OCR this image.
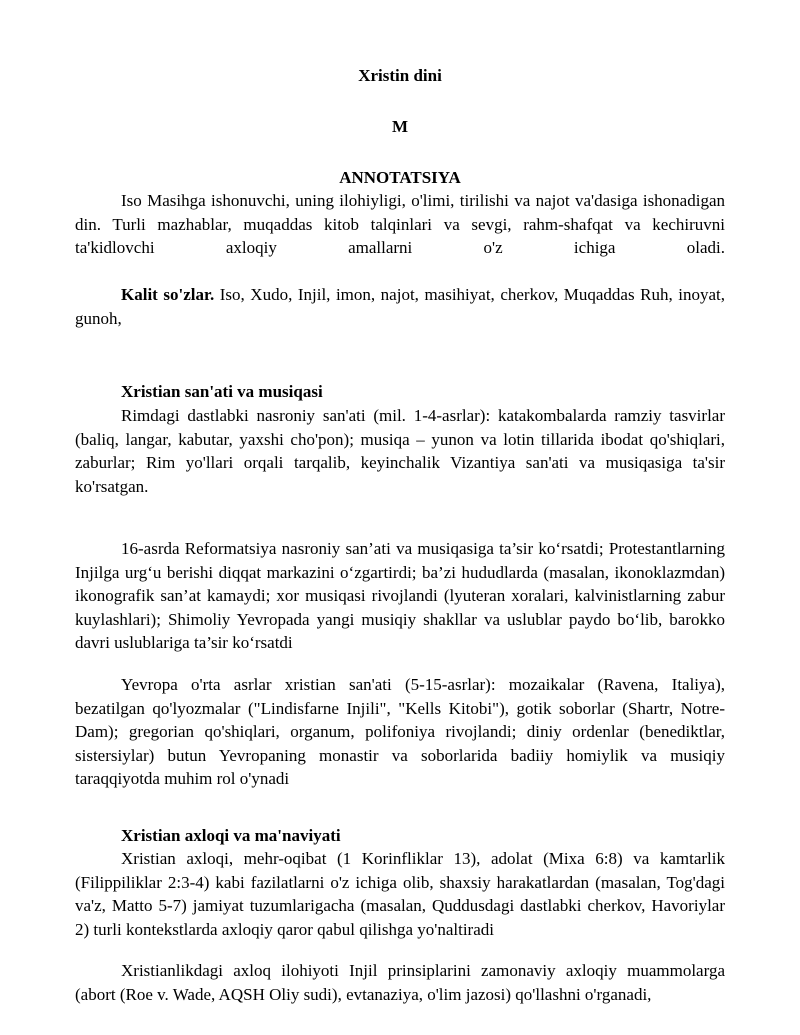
Xristin dini
M
ANNOTATSIYA
Iso Masihga ishonuvchi, uning ilohiyligi, o'limi, tirilishi va najot va'dasiga ishonadigan din. Turli mazhablar, muqaddas kitob talqinlari va sevgi, rahm-shafqat va kechiruvni ta'kidlovchi axloqiy amallarni o'z ichiga oladi.
Kalit so'zlar. Iso, Xudo, Injil, imon, najot, masihiyat, cherkov, Muqaddas Ruh, inoyat, gunoh,
Xristian san'ati va musiqasi
Rimdagi dastlabki nasroniy san'ati (mil. 1-4-asrlar): katakombalarda ramziy tasvirlar (baliq, langar, kabutar, yaxshi cho'pon); musiqa – yunon va lotin tillarida ibodat qo'shiqlari, zaburlar; Rim yo'llari orqali tarqalib, keyinchalik Vizantiya san'ati va musiqasiga ta'sir ko'rsatgan.
16-asrda Reformatsiya nasroniy san’ati va musiqasiga ta’sir ko‘rsatdi; Protestantlarning Injilga urg‘u berishi diqqat markazini o‘zgartirdi; ba’zi hududlarda (masalan, ikonoklazmdan) ikonografik san’at kamaydi; xor musiqasi rivojlandi (lyuteran xoralari, kalvinistlarning zabur kuylashlari); Shimoliy Yevropada yangi musiqiy shakllar va uslublar paydo bo‘lib, barokko davri uslublariga ta’sir ko‘rsatdi
Yevropa o'rta asrlar xristian san'ati (5-15-asrlar): mozaikalar (Ravena, Italiya), bezatilgan qo'lyozmalar ("Lindisfarne Injili", "Kells Kitobi"), gotik soborlar (Shartr, Notre-Dam); gregorian qo'shiqlari, organum, polifoniya rivojlandi; diniy ordenlar (benediktlar, sistersiylar) butun Yevropaning monastir va soborlarida badiiy homiylik va musiqiy taraqqiyotda muhim rol o'ynadi
Xristian axloqi va ma'naviyati
Xristian axloqi, mehr-oqibat (1 Korinfliklar 13), adolat (Mixa 6:8) va kamtarlik (Filippiliklar 2:3-4) kabi fazilatlarni o'z ichiga olib, shaxsiy harakatlardan (masalan, Tog'dagi va'z, Matto 5-7) jamiyat tuzumlarigacha (masalan, Quddusdagi dastlabki cherkov, Havoriylar 2) turli kontekstlarda axloqiy qaror qabul qilishga yo'naltiradi
Xristianlikdagi axloq ilohiyoti Injil prinsiplarini zamonaviy axloqiy muammolarga (abort (Roe v. Wade, AQSH Oliy sudi), evtanaziya, o'lim jazosi) qo'llashni o'rganadi,
